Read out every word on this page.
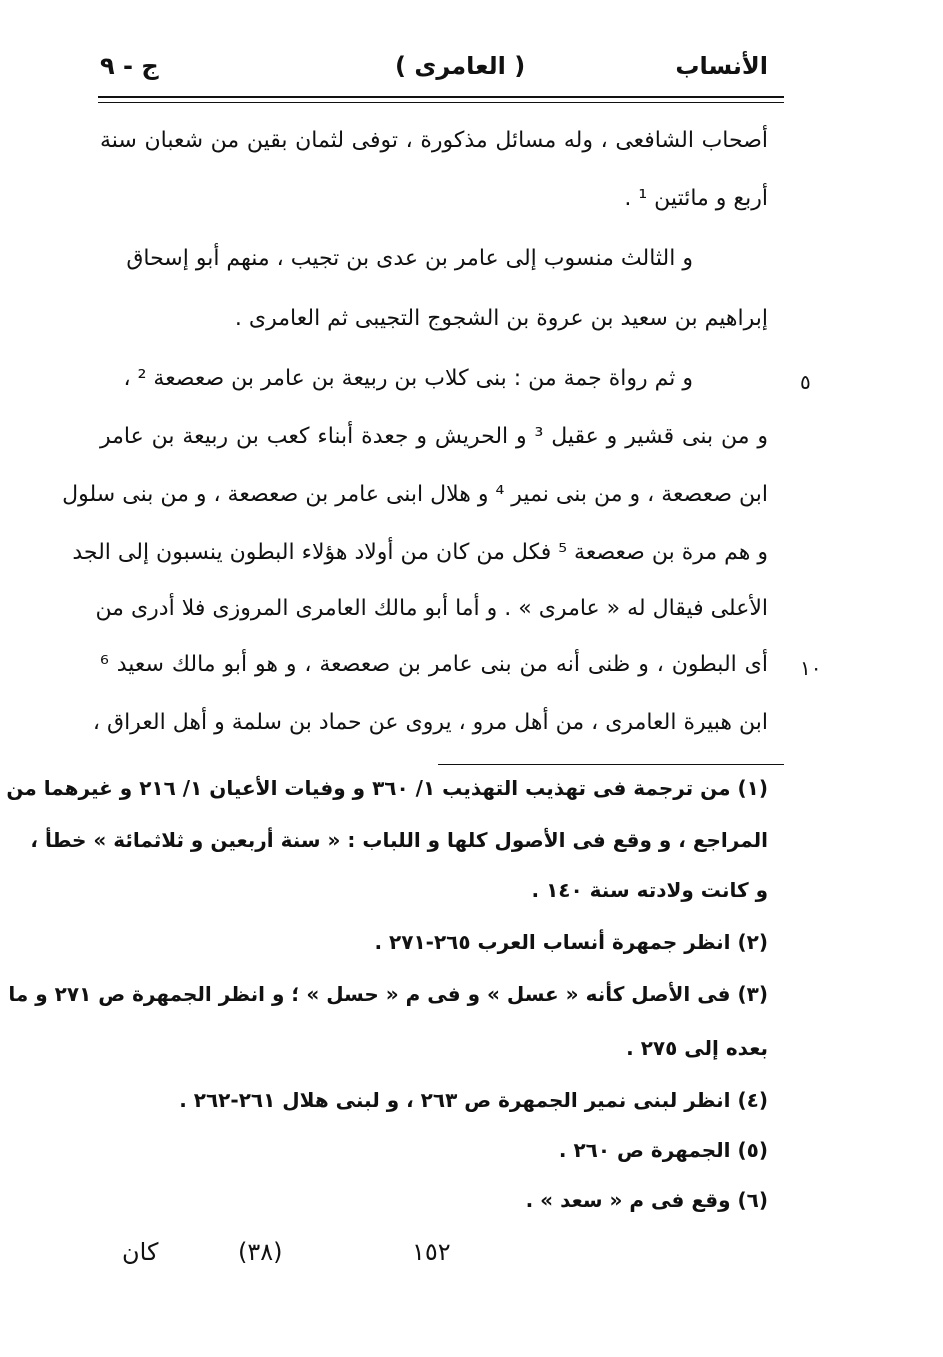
الأنساب
( العامرى )
ج - ٩
أصحاب الشافعى ، وله مسائل مذكورة ، توفى لثمان بقين من شعبان سنة
أربع و مائتين ¹ .
و الثالث منسوب إلى عامر بن عدى بن تجيب ، منهم أبو إسحاق
إبراهيم بن سعيد بن عروة بن الشجوج التجيبى ثم العامرى .
و ثم رواة جمة من : بنى كلاب بن ربيعة بن عامر بن صعصعة ² ،
و من بنى قشير و عقيل ³ و الحريش و جعدة أبناء كعب بن ربيعة بن عامر
ابن صعصعة ، و من بنى نمير ⁴ و هلال ابنى عامر بن صعصعة ، و من بنى سلول
و هم مرة بن صعصعة ⁵ فكل من كان من أولاد هؤلاء البطون ينسبون إلى الجد
الأعلى فيقال له « عامرى » . و أما أبو مالك العامرى المروزى فلا أدرى من
أى البطون ، و ظنى أنه من بنى عامر بن صعصعة ، و هو أبو مالك سعيد ⁶
ابن هبيرة العامرى ، من أهل مرو ، يروى عن حماد بن سلمة و أهل العراق ،
٥
١٠
(١) من ترجمة فى تهذيب التهذيب ١/ ٣٦٠ و وفيات الأعيان ١/ ٢١٦ و غيرهما من
المراجع ، و وقع فى الأصول كلها و اللباب : « سنة أربعين و ثلاثمائة » خطأ ،
و كانت ولادته سنة ١٤٠ .
(٢) انظر جمهرة أنساب العرب ٢٦٥-٢٧١ .
(٣) فى الأصل كأنه « عسل » و فى م « حسل » ؛ و انظر الجمهرة ص ٢٧١ و ما
بعده إلى ٢٧٥ .
(٤) انظر لبنى نمير الجمهرة ص ٢٦٣ ، و لبنى هلال ٢٦١-٢٦٢ .
(٥) الجمهرة ص ٢٦٠ .
(٦) وقع فى م « سعد » .
كان	(٣٨)	١٥٢
